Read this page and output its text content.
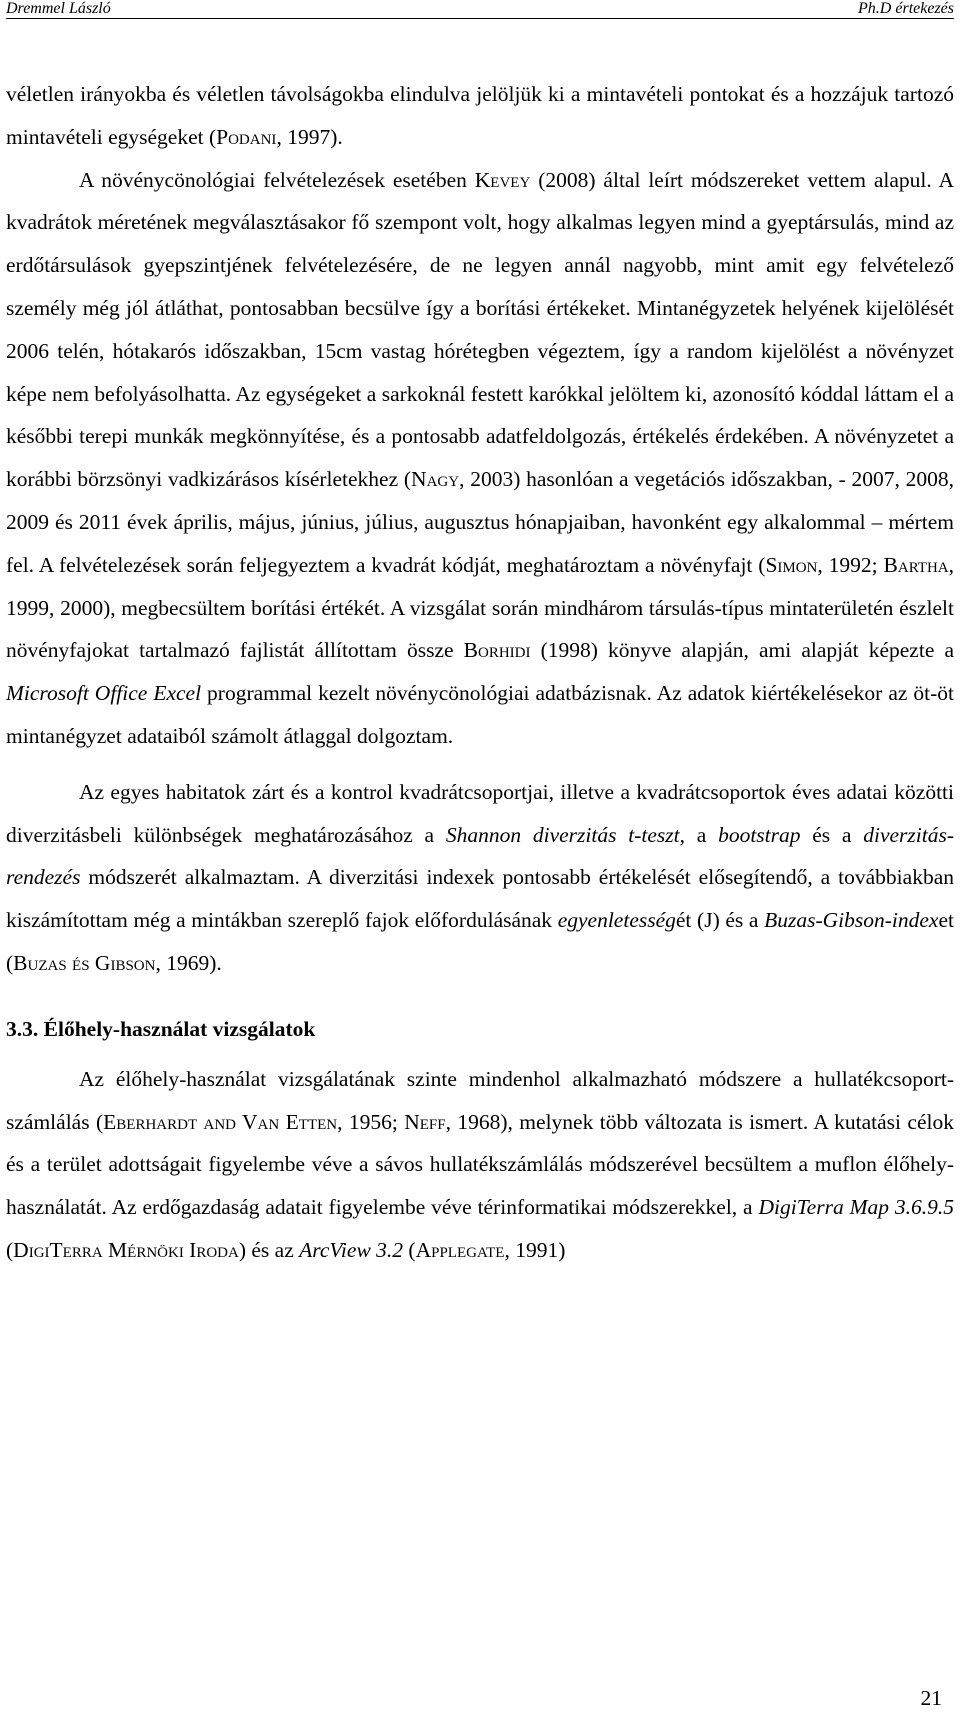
Dremmel László	Ph.D értekezés

véletlen irányokba és véletlen távolságokba elindulva jelöljük ki a mintavételi pontokat és a hozzájuk tartozó mintavételi egységeket (Podani, 1997).

A növénycönológiai felvételezések esetében Kevey (2008) által leírt módszereket vettem alapul. A kvadrátok méretének megválasztásakor fő szempont volt, hogy alkalmas legyen mind a gyeptársulás, mind az erdőtársulások gyepszintjének felvételezésére, de ne legyen annál nagyobb, mint amit egy felvételező személy még jól átláthat, pontosabban becsülve így a borítási értékeket. Mintanégyzetek helyének kijelölését 2006 telén, hótakarós időszakban, 15cm vastag hórétegben végeztem, így a random kijelölést a növényzet képe nem befolyásolhatta. Az egységeket a sarkoknál festett karókkal jelöltem ki, azonosító kóddal láttam el a későbbi terepi munkák megkönnyítése, és a pontosabb adatfeldolgozás, értékelés érdekében. A növényzetet a korábbi börzsönyi vadkizárásos kísérletekhez (Nagy, 2003) hasonlóan a vegetációs időszakban, - 2007, 2008, 2009 és 2011 évek április, május, június, július, augusztus hónapjaiban, havonként egy alkalommal – mértem fel. A felvételezések során feljegyeztem a kvadrát kódját, meghatároztam a növényfajt (Simon, 1992; Bartha, 1999, 2000), megbecsültem borítási értékét. A vizsgálat során mindhárom társulás-típus mintaterületén észlelt növényfajokat tartalmazó fajlistát állítottam össze Borhidi (1998) könyve alapján, ami alapját képezte a Microsoft Office Excel programmal kezelt növénycönológiai adatbázisnak. Az adatok kiértékelésekor az öt-öt mintanégyzet adataiból számolt átlaggal dolgoztam.

Az egyes habitatok zárt és a kontrol kvadrátcsoportjai, illetve a kvadrátcsoportok éves adatai közötti diverzitásbeli különbségek meghatározásához a Shannon diverzitás t-teszt, a bootstrap és a diverzitás-rendezés módszerét alkalmaztam. A diverzitási indexek pontosabb értékelését elősegítendő, a továbbiakban kiszámítottam még a mintákban szereplő fajok előfordulásának egyenletességét (J) és a Buzas-Gibson-indexet (Buzas és Gibson, 1969).

3.3. Élőhely-használat vizsgálatok

Az élőhely-használat vizsgálatának szinte mindenhol alkalmazható módszere a hullatékcsoport-számlálás (Eberhardt and Van Etten, 1956; Neff, 1968), melynek több változata is ismert. A kutatási célok és a terület adottságait figyelembe véve a sávos hullatékszámlálás módszerével becsültem a muflon élőhely-használatát. Az erdőgazdaság adatait figyelembe véve térinformatikai módszerekkel, a DigiTerra Map 3.6.9.5 (DigiTerra Mérnöki Iroda) és az ArcView 3.2 (Applegate, 1991)

21
